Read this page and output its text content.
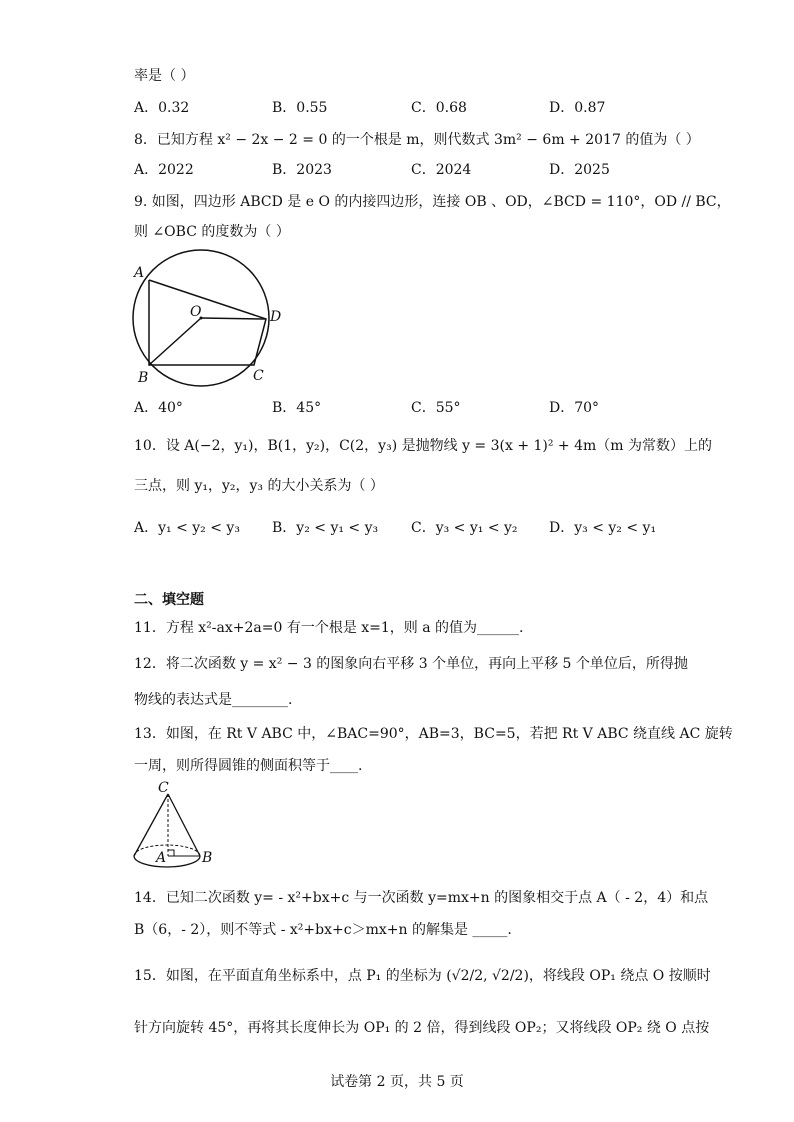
率是（ ）
A．0.32	B．0.55	C．0.68	D．0.87
8．已知方程 x² − 2x − 2 = 0 的一个根是 m，则代数式 3m² − 6m + 2017 的值为（ ）
A．2022	B．2023	C．2024	D．2025
9. 如图，四边形 ABCD 是 e O 的内接四边形，连接 OB 、OD，∠BCD = 110°，OD // BC，
则 ∠OBC 的度数为（ ）
A
O	D
B	C
A．40°	B．45°	C．55°	D．70°
10．设 A(−2，y₁)，B(1，y₂)，C(2，y₃) 是抛物线 y = 3(x + 1)² + 4m（m 为常数）上的
三点，则 y₁，y₂，y₃ 的大小关系为（ ）
A．y₁ < y₂ < y₃ B．y₂ < y₁ < y₃ C．y₃ < y₁ < y₂ D．y₃ < y₂ < y₁
二、填空题
11．方程 x²-ax+2a=0 有一个根是 x=1，则 a 的值为______.
12．将二次函数 y = x² − 3 的图象向右平移 3 个单位，再向上平移 5 个单位后，所得抛
物线的表达式是________.
13．如图，在 Rt V ABC 中，∠BAC=90°，AB=3，BC=5，若把 Rt V ABC 绕直线 AC 旋转
一周，则所得圆锥的侧面积等于____.
C
A	B
14．已知二次函数 y= - x²+bx+c 与一次函数 y=mx+n 的图象相交于点 A（ - 2，4）和点
B（6，- 2），则不等式 - x²+bx+c＞mx+n 的解集是 _____.
15．如图，在平面直角坐标系中，点 P₁ 的坐标为 (√2/2, √2/2)，将线段 OP₁ 绕点 O 按顺时
针方向旋转 45°，再将其长度伸长为 OP₁ 的 2 倍，得到线段 OP₂；又将线段 OP₂ 绕 O 点按
试卷第 2 页，共 5 页
